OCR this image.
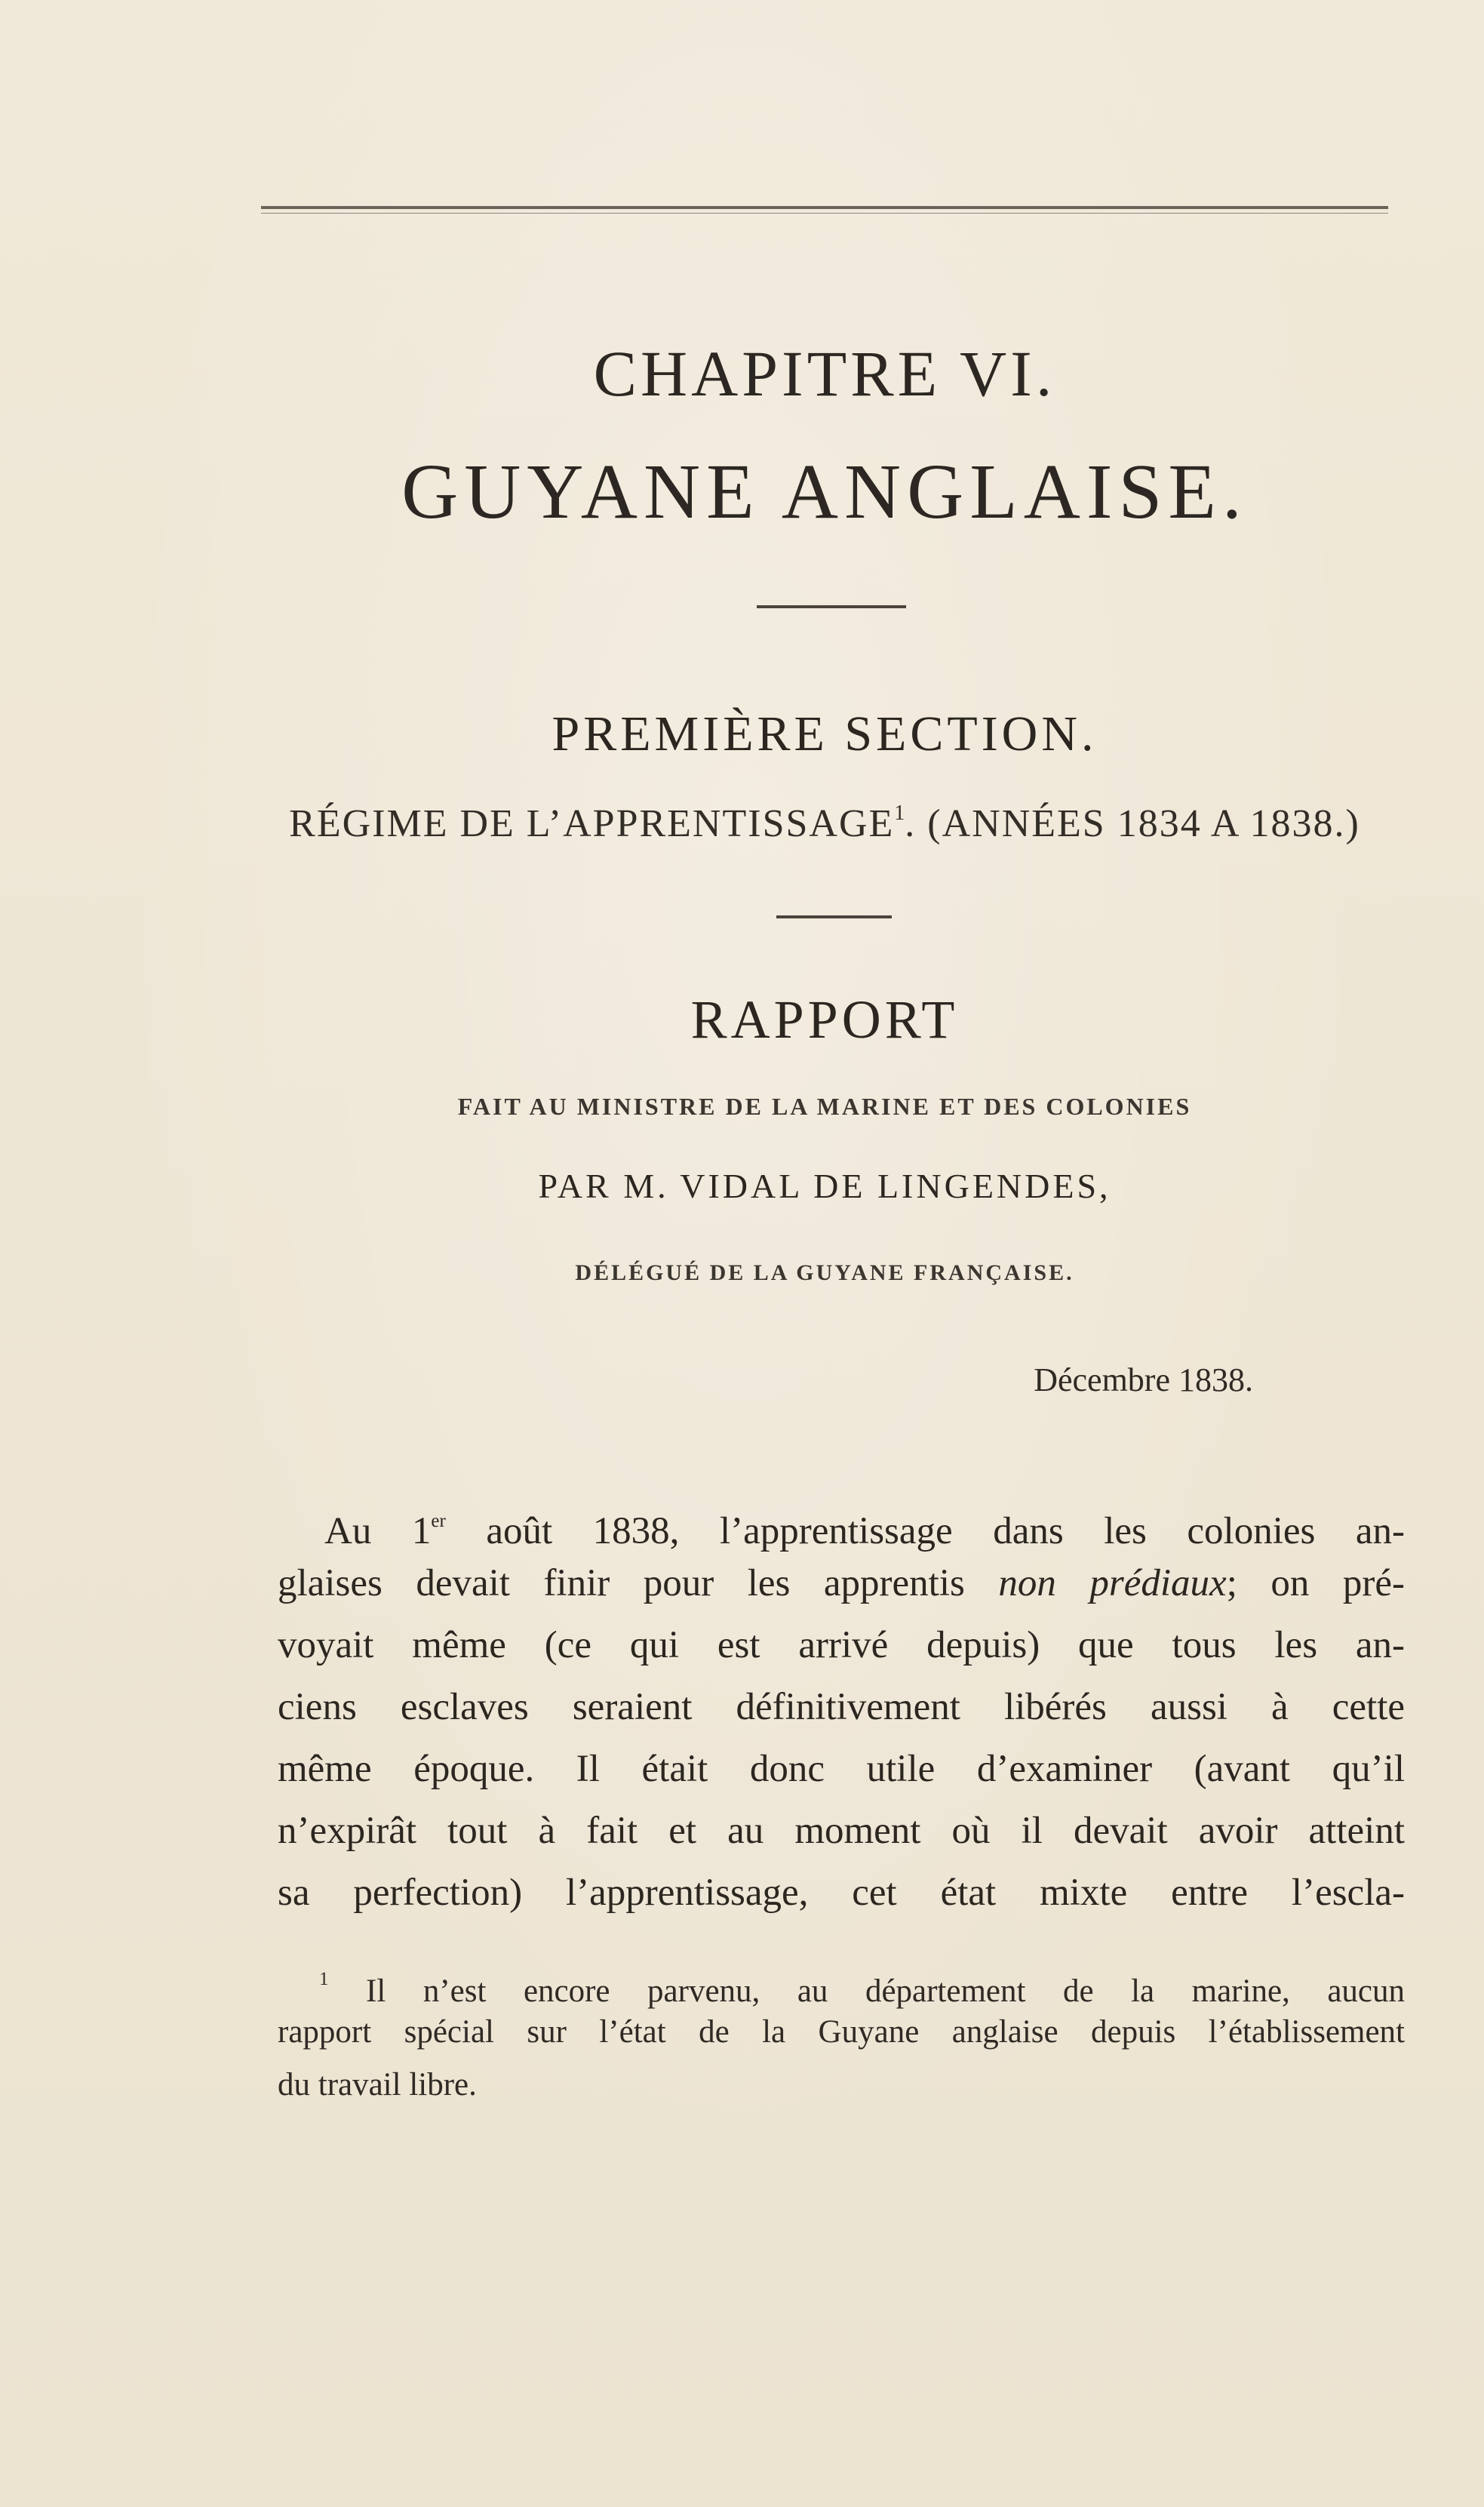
CHAPITRE VI.
GUYANE ANGLAISE.
PREMIÈRE SECTION.
RÉGIME DE L’APPRENTISSAGE$^1$. (ANNÉES 1834 A 1838.)
RAPPORT
FAIT AU MINISTRE DE LA MARINE ET DES COLONIES
PAR M. VIDAL DE LINGENDES,
DÉLÉGUÉ DE LA GUYANE FRANÇAISE.
Décembre 1838.
Au 1er août 1838, l’apprentissage dans les colonies an-
glaises devait finir pour les apprentis non prédiaux; on pré-
voyait même (ce qui est arrivé depuis) que tous les an-
ciens esclaves seraient définitivement libérés aussi à cette
même époque. Il était donc utile d’examiner (avant qu’il
n’expirât tout à fait et au moment où il devait avoir atteint
sa perfection) l’apprentissage, cet état mixte entre l’escla-
$^1$ Il n’est encore parvenu, au département de la marine, aucun
rapport spécial sur l’état de la Guyane anglaise depuis l’établissement
du travail libre.
